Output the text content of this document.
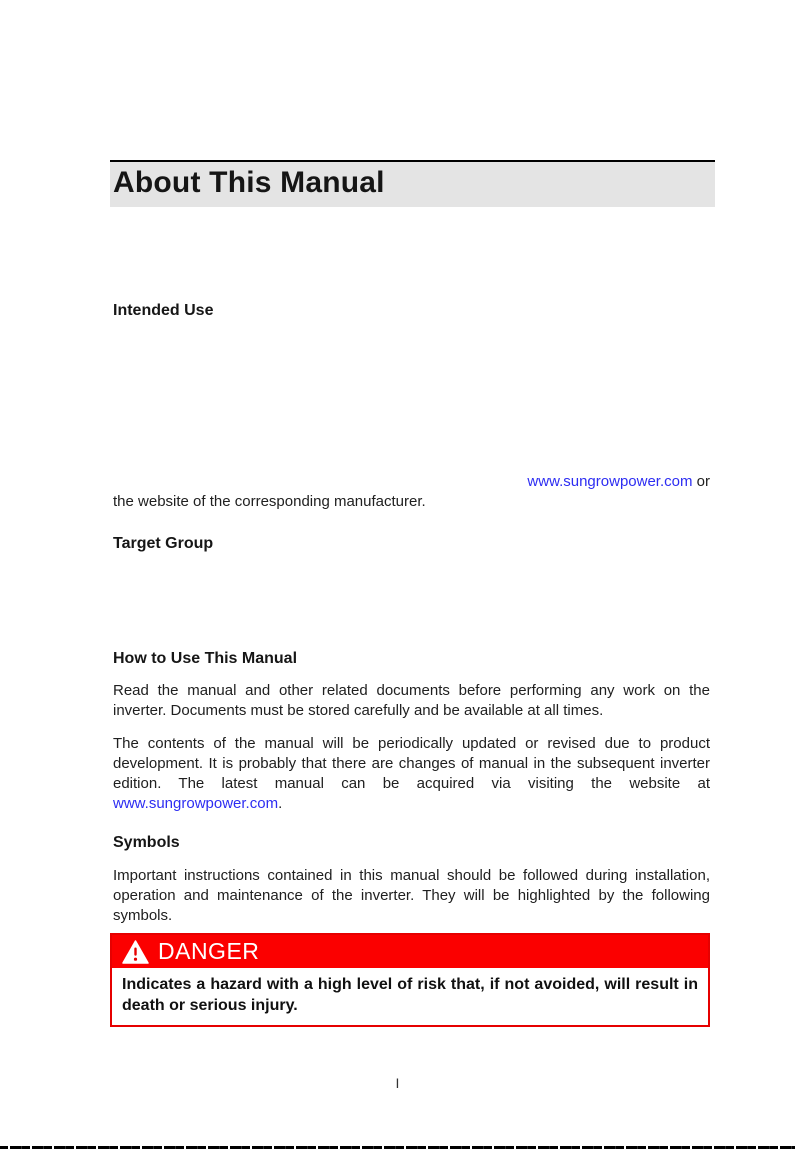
About This Manual
Intended Use
www.sungrowpower.com or

the website of the corresponding manufacturer.

Target Group
How to Use This Manual

Read the manual and other related documents before performing any work on the inverter. Documents must be stored carefully and be available at all times.

The contents of the manual will be periodically updated or revised due to product development. It is probably that there are changes of manual in the subsequent inverter edition. The latest manual can be acquired via visiting the website at www.sungrowpower.com.

Symbols

Important instructions contained in this manual should be followed during installation, operation and maintenance of the inverter. They will be highlighted by the following symbols.

DANGER
Indicates a hazard with a high level of risk that, if not avoided, will result in death or serious injury.
I
